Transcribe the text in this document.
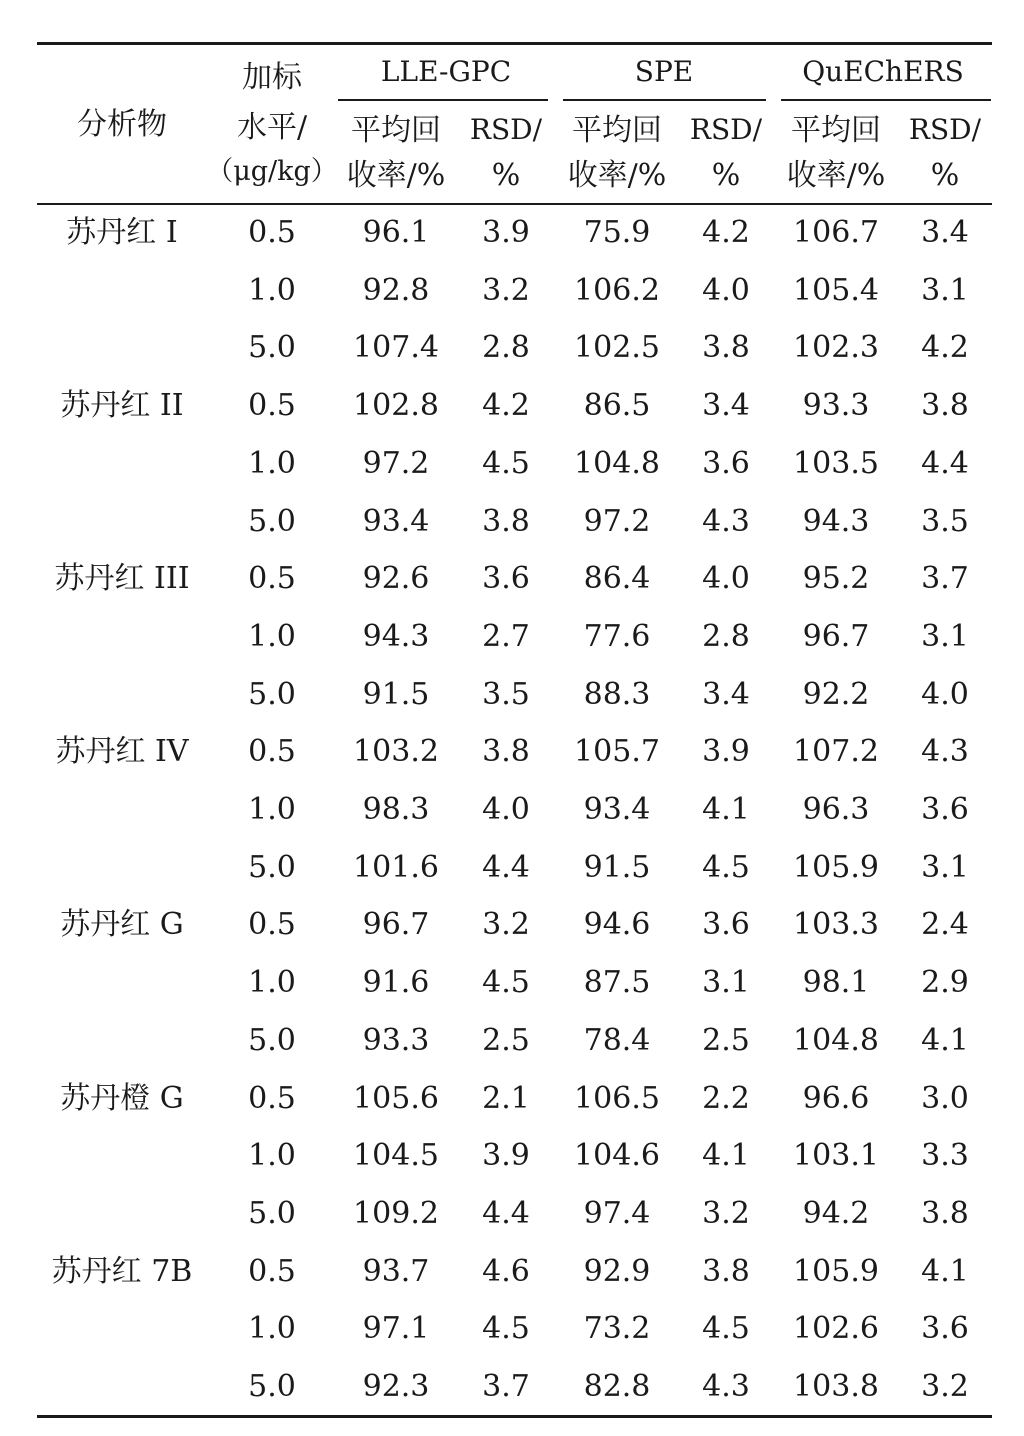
分析物
加标
水平/
（μg/kg）
LLE-GPC	SPE	QuEChERS
平均回
收率/%
RSD/
%
平均回
收率/%
RSD/
%
平均回
收率/%
RSD/
%
苏丹红 I 0.5 96.1 3.9 75.9 4.2 106.7 3.4
1.0 92.8 3.2 106.2 4.0 105.4 3.1
5.0 107.4 2.8 102.5 3.8 102.3 4.2
苏丹红 II 0.5 102.8 4.2 86.5 3.4 93.3 3.8
1.0 97.2 4.5 104.8 3.6 103.5 4.4
5.0 93.4 3.8 97.2 4.3 94.3 3.5
苏丹红 III 0.5 92.6 3.6 86.4 4.0 95.2 3.7
1.0 94.3 2.7 77.6 2.8 96.7 3.1
5.0 91.5 3.5 88.3 3.4 92.2 4.0
苏丹红 IV 0.5 103.2 3.8 105.7 3.9 107.2 4.3
1.0 98.3 4.0 93.4 4.1 96.3 3.6
5.0 101.6 4.4 91.5 4.5 105.9 3.1
苏丹红 G 0.5 96.7 3.2 94.6 3.6 103.3 2.4
1.0 91.6 4.5 87.5 3.1 98.1 2.9
5.0 93.3 2.5 78.4 2.5 104.8 4.1
苏丹橙 G 0.5 105.6 2.1 106.5 2.2 96.6 3.0
1.0 104.5 3.9 104.6 4.1 103.1 3.3
5.0 109.2 4.4 97.4 3.2 94.2 3.8
苏丹红 7B 0.5 93.7 4.6 92.9 3.8 105.9 4.1
1.0 97.1 4.5 73.2 4.5 102.6 3.6
5.0 92.3 3.7 82.8 4.3 103.8 3.2
